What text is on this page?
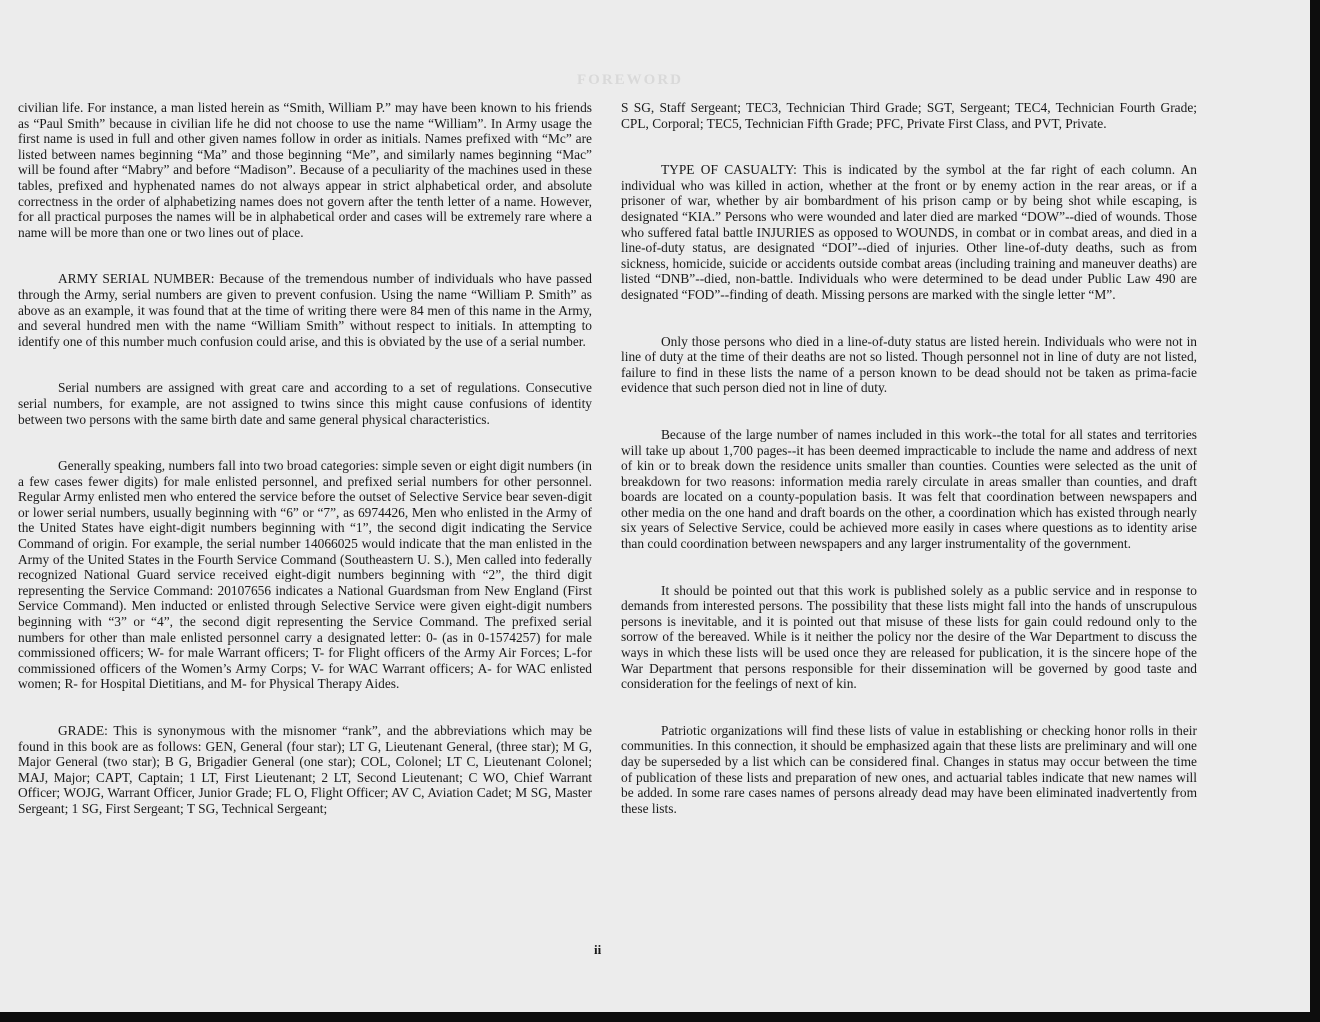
FOREWORD

civilian life. For instance, a man listed herein as “Smith, William P.” may have been known to his friends as “Paul Smith” because in civilian life he did not choose to use the name “William”. In Army usage the first name is used in full and other given names follow in order as initials. Names prefixed with “Mc” are listed between names beginning “Ma” and those beginning “Me”, and similarly names beginning “Mac” will be found after “Mabry” and before “Madison”. Because of a peculiarity of the machines used in these tables, prefixed and hyphenated names do not always appear in strict alphabetical order, and absolute correctness in the order of alphabetizing names does not govern after the tenth letter of a name. However, for all practical purposes the names will be in alphabetical order and cases will be extremely rare where a name will be more than one or two lines out of place.

ARMY SERIAL NUMBER: Because of the tremendous number of individuals who have passed through the Army, serial numbers are given to prevent confusion. Using the name “William P. Smith” as above as an example, it was found that at the time of writing there were 84 men of this name in the Army, and several hundred men with the name “William Smith” without respect to initials. In attempting to identify one of this number much confusion could arise, and this is obviated by the use of a serial number.

Serial numbers are assigned with great care and according to a set of regulations. Consecutive serial numbers, for example, are not assigned to twins since this might cause confusions of identity between two persons with the same birth date and same general physical characteristics.

Generally speaking, numbers fall into two broad categories: simple seven or eight digit numbers (in a few cases fewer digits) for male enlisted personnel, and prefixed serial numbers for other personnel. Regular Army enlisted men who entered the service before the outset of Selective Service bear seven-digit or lower serial numbers, usually beginning with “6” or “7”, as 6974426, Men who enlisted in the Army of the United States have eight-digit numbers beginning with “1”, the second digit indicating the Service Command of origin. For example, the serial number 14066025 would indicate that the man enlisted in the Army of the United States in the Fourth Service Command (Southeastern U. S.), Men called into federally recognized National Guard service received eight-digit numbers beginning with “2”, the third digit representing the Service Command: 20107656 indicates a National Guardsman from New England (First Service Command). Men inducted or enlisted through Selective Service were given eight-digit numbers beginning with “3” or “4”, the second digit representing the Service Command. The prefixed serial numbers for other than male enlisted personnel carry a designated letter: 0- (as in 0-1574257) for male commissioned officers; W- for male Warrant officers; T- for Flight officers of the Army Air Forces; L-for commissioned officers of the Women’s Army Corps; V- for WAC Warrant officers; A- for WAC enlisted women; R- for Hospital Dietitians, and M- for Physical Therapy Aides.

GRADE: This is synonymous with the misnomer “rank”, and the abbreviations which may be found in this book are as follows: GEN, General (four star); LT G, Lieutenant General, (three star); M G, Major General (two star); B G, Brigadier General (one star); COL, Colonel; LT C, Lieutenant Colonel; MAJ, Major; CAPT, Captain; 1 LT, First Lieutenant; 2 LT, Second Lieutenant; C WO, Chief Warrant Officer; WOJG, Warrant Officer, Junior Grade; FL O, Flight Officer; AV C, Aviation Cadet; M SG, Master Sergeant; 1 SG, First Sergeant; T SG, Technical Sergeant;

S SG, Staff Sergeant; TEC3, Technician Third Grade; SGT, Sergeant; TEC4, Technician Fourth Grade; CPL, Corporal; TEC5, Technician Fifth Grade; PFC, Private First Class, and PVT, Private.

TYPE OF CASUALTY: This is indicated by the symbol at the far right of each column. An individual who was killed in action, whether at the front or by enemy action in the rear areas, or if a prisoner of war, whether by air bombardment of his prison camp or by being shot while escaping, is designated “KIA.” Persons who were wounded and later died are marked “DOW”--died of wounds. Those who suffered fatal battle INJURIES as opposed to WOUNDS, in combat or in combat areas, and died in a line-of-duty status, are designated “DOI”--died of injuries. Other line-of-duty deaths, such as from sickness, homicide, suicide or accidents outside combat areas (including training and maneuver deaths) are listed “DNB”--died, non-battle. Individuals who were determined to be dead under Public Law 490 are designated “FOD”--finding of death. Missing persons are marked with the single letter “M”.

Only those persons who died in a line-of-duty status are listed herein. Individuals who were not in line of duty at the time of their deaths are not so listed. Though personnel not in line of duty are not listed, failure to find in these lists the name of a person known to be dead should not be taken as prima-facie evidence that such person died not in line of duty.

Because of the large number of names included in this work--the total for all states and territories will take up about 1,700 pages--it has been deemed impracticable to include the name and address of next of kin or to break down the residence units smaller than counties. Counties were selected as the unit of breakdown for two reasons: information media rarely circulate in areas smaller than counties, and draft boards are located on a county-population basis. It was felt that coordination between newspapers and other media on the one hand and draft boards on the other, a coordination which has existed through nearly six years of Selective Service, could be achieved more easily in cases where questions as to identity arise than could coordination between newspapers and any larger instrumentality of the government.

It should be pointed out that this work is published solely as a public service and in response to demands from interested persons. The possibility that these lists might fall into the hands of unscrupulous persons is inevitable, and it is pointed out that misuse of these lists for gain could redound only to the sorrow of the bereaved. While is it neither the policy nor the desire of the War Department to discuss the ways in which these lists will be used once they are released for publication, it is the sincere hope of the War Department that persons responsible for their dissemination will be governed by good taste and consideration for the feelings of next of kin.

Patriotic organizations will find these lists of value in establishing or checking honor rolls in their communities. In this connection, it should be emphasized again that these lists are preliminary and will one day be superseded by a list which can be considered final. Changes in status may occur between the time of publication of these lists and preparation of new ones, and actuarial tables indicate that new names will be added. In some rare cases names of persons already dead may have been eliminated inadvertently from these lists.

ii
